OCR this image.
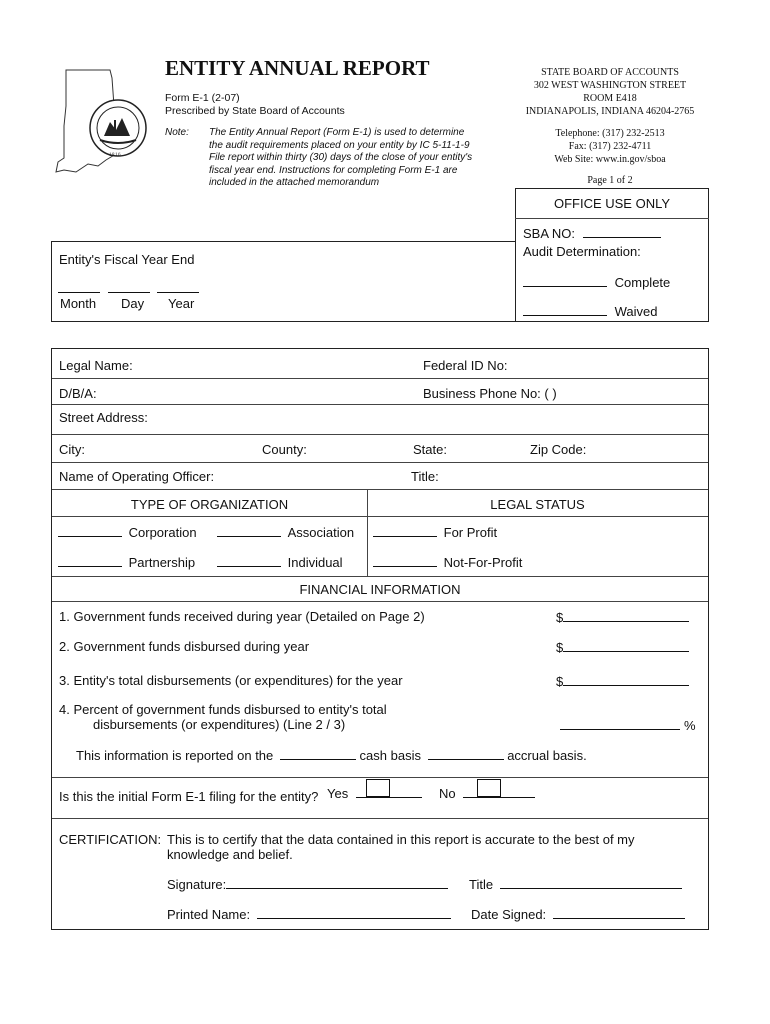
1816
ENTITY ANNUAL REPORT
Form E-1 (2-07)
Prescribed by State Board of Accounts
Note: The Entity Annual Report (Form E-1) is used to determine
the audit requirements placed on your entity by IC 5-11-1-9
File report within thirty (30) days of the close of your entity's
fiscal year end. Instructions for completing Form E-1 are
included in the attached memorandum
STATE BOARD OF ACCOUNTS
302 WEST WASHINGTON STREET
ROOM E418
INDIANAPOLIS, INDIANA 46204-2765
Telephone: (317) 232-2513
Fax: (317) 232-4711
Web Site: www.in.gov/sboa
Page 1 of 2
OFFICE USE ONLY
SBA NO:
Audit Determination:
Complete
Waived
Entity's Fiscal Year End
Month Day Year
Legal Name:	Federal ID No:
D/B/A:	Business Phone No: ( )
Street Address:
City:	County:	State:	Zip Code:
Name of Operating Officer:	Title:
TYPE OF ORGANIZATION	LEGAL STATUS
Corporation	Association	For Profit
Partnership	Individual	Not-For-Profit
FINANCIAL INFORMATION
1. Government funds received during year (Detailed on Page 2)	$
2. Government funds disbursed during year	$
3. Entity's total disbursements (or expenditures) for the year	$
4. Percent of government funds disbursed to entity's total
disbursements (or expenditures) (Line 2 / 3)	%
This information is reported on the	cash basis	accrual basis.
Is this the initial Form E-1 filing for the entity? Yes	No
CERTIFICATION: This is to certify that the data contained in this report is accurate to the best of my
knowledge and belief.
Signature:	Title
Printed Name:	Date Signed:
